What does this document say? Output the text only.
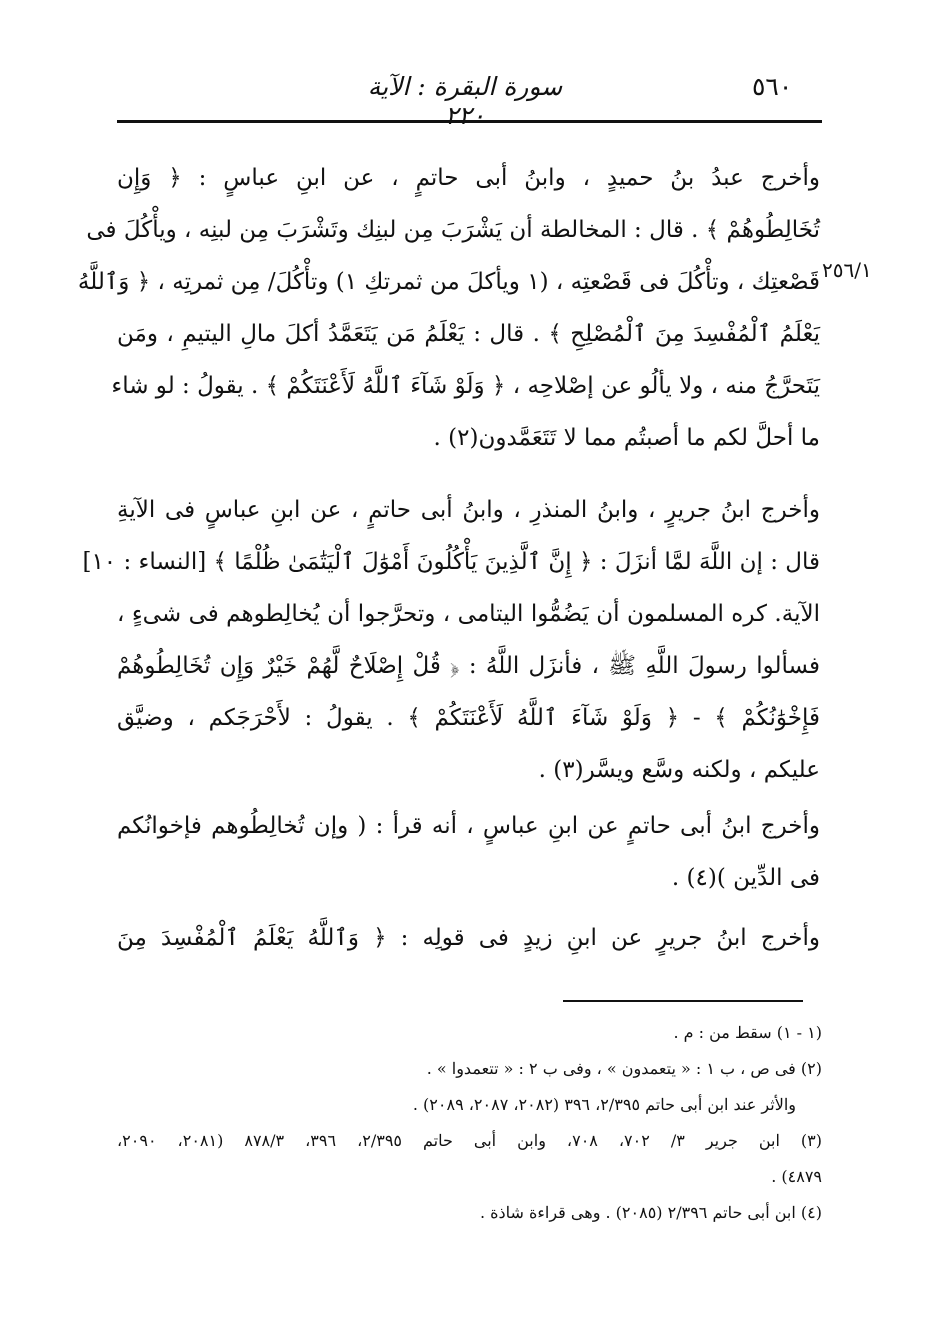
٥٦٠
سورة البقرة : الآية ٢٢٠
٢٥٦/١
وأخرج عبدُ بنُ حميدٍ ، وابنُ أبى حاتمٍ ، عن ابنِ عباسٍ : ﴿ وَإِن
تُخَالِطُوهُمْ ﴾ . قال : المخالطة أن يَشْرَبَ مِن لبنِك وتَشْرَبَ مِن لبنِه ، ويأْكُلَ فى
قَصْعتِك ، وتأْكُلَ فى قَصْعتِه ، (١ ويأكلَ من ثمرتكِ ١) وتأْكُلَ/ مِن ثمرتِه ، ﴿ وَٱللَّهُ
يَعْلَمُ ٱلْمُفْسِدَ مِنَ ٱلْمُصْلِحِ ﴾ . قال : يَعْلَمُ مَن يَتَعَمَّدُ أكلَ مالِ اليتيمِ ، ومَن
يَتَحرَّجُ منه ، ولا يألُو عن إصْلاحِه ، ﴿ وَلَوْ شَآءَ ٱللَّهُ لَأَعْنَتَكُمْ ﴾ . يقولُ : لو شاء
ما أحلَّ لكم ما أصبتُم مما لا تَتَعَمَّدون(٢) .
وأخرج ابنُ جريرٍ ، وابنُ المنذرِ ، وابنُ أبى حاتمٍ ، عن ابنِ عباسٍ فى الآيةِ
قال : إن اللَّهَ لمَّا أنزَلَ : ﴿ إِنَّ ٱلَّذِينَ يَأْكُلُونَ أَمْوَٰلَ ٱلْيَتَٰمَىٰ ظُلْمًا ﴾ [النساء : ١٠]
الآية. كره المسلمون أن يَضُمُّوا اليتامى ، وتحرَّجوا أن يُخالِطوهم فى شىءٍ ،
فسألوا رسولَ اللَّهِ ﷺ ، فأنزَل اللَّهُ : ﴿ قُلْ إِصْلَاحٌ لَّهُمْ خَيْرٌ وَإِن تُخَالِطُوهُمْ
فَإِخْوَٰنُكُمْ ﴾ - ﴿ وَلَوْ شَآءَ ٱللَّهُ لَأَعْنَتَكُمْ ﴾ . يقولُ : لأَحْرَجَكم ، وضيَّق
عليكم ، ولكنه وسَّع ويسَّر(٣) .
وأخرج ابنُ أبى حاتمٍ عن ابنِ عباسٍ ، أنه قرأ : ( وإن تُخالِطُوهم فإخوانُكم
فى الدِّين )(٤) .
وأخرج ابنُ جريرٍ عن ابنِ زيدٍ فى قولِه : ﴿ وَٱللَّهُ يَعْلَمُ ٱلْمُفْسِدَ مِنَ
(١ - ١) سقط من : م .
(٢) فى ص ، ب ١ : « يتعمدون » ، وفى ب ٢ : « تتعمدوا » .
والأثر عند ابن أبى حاتم ٢/٣٩٥، ٣٩٦ (٢٠٨٢، ٢٠٨٧، ٢٠٨٩) .
(٣) ابن جرير ٣/ ٧٠٢، ٧٠٨، وابن أبى حاتم ٢/٣٩٥، ٣٩٦، ٨٧٨/٣ (٢٠٨١، ٢٠٩٠،
٤٨٧٩) .
(٤) ابن أبى حاتم ٢/٣٩٦ (٢٠٨٥) . وهى قراءة شاذة .
